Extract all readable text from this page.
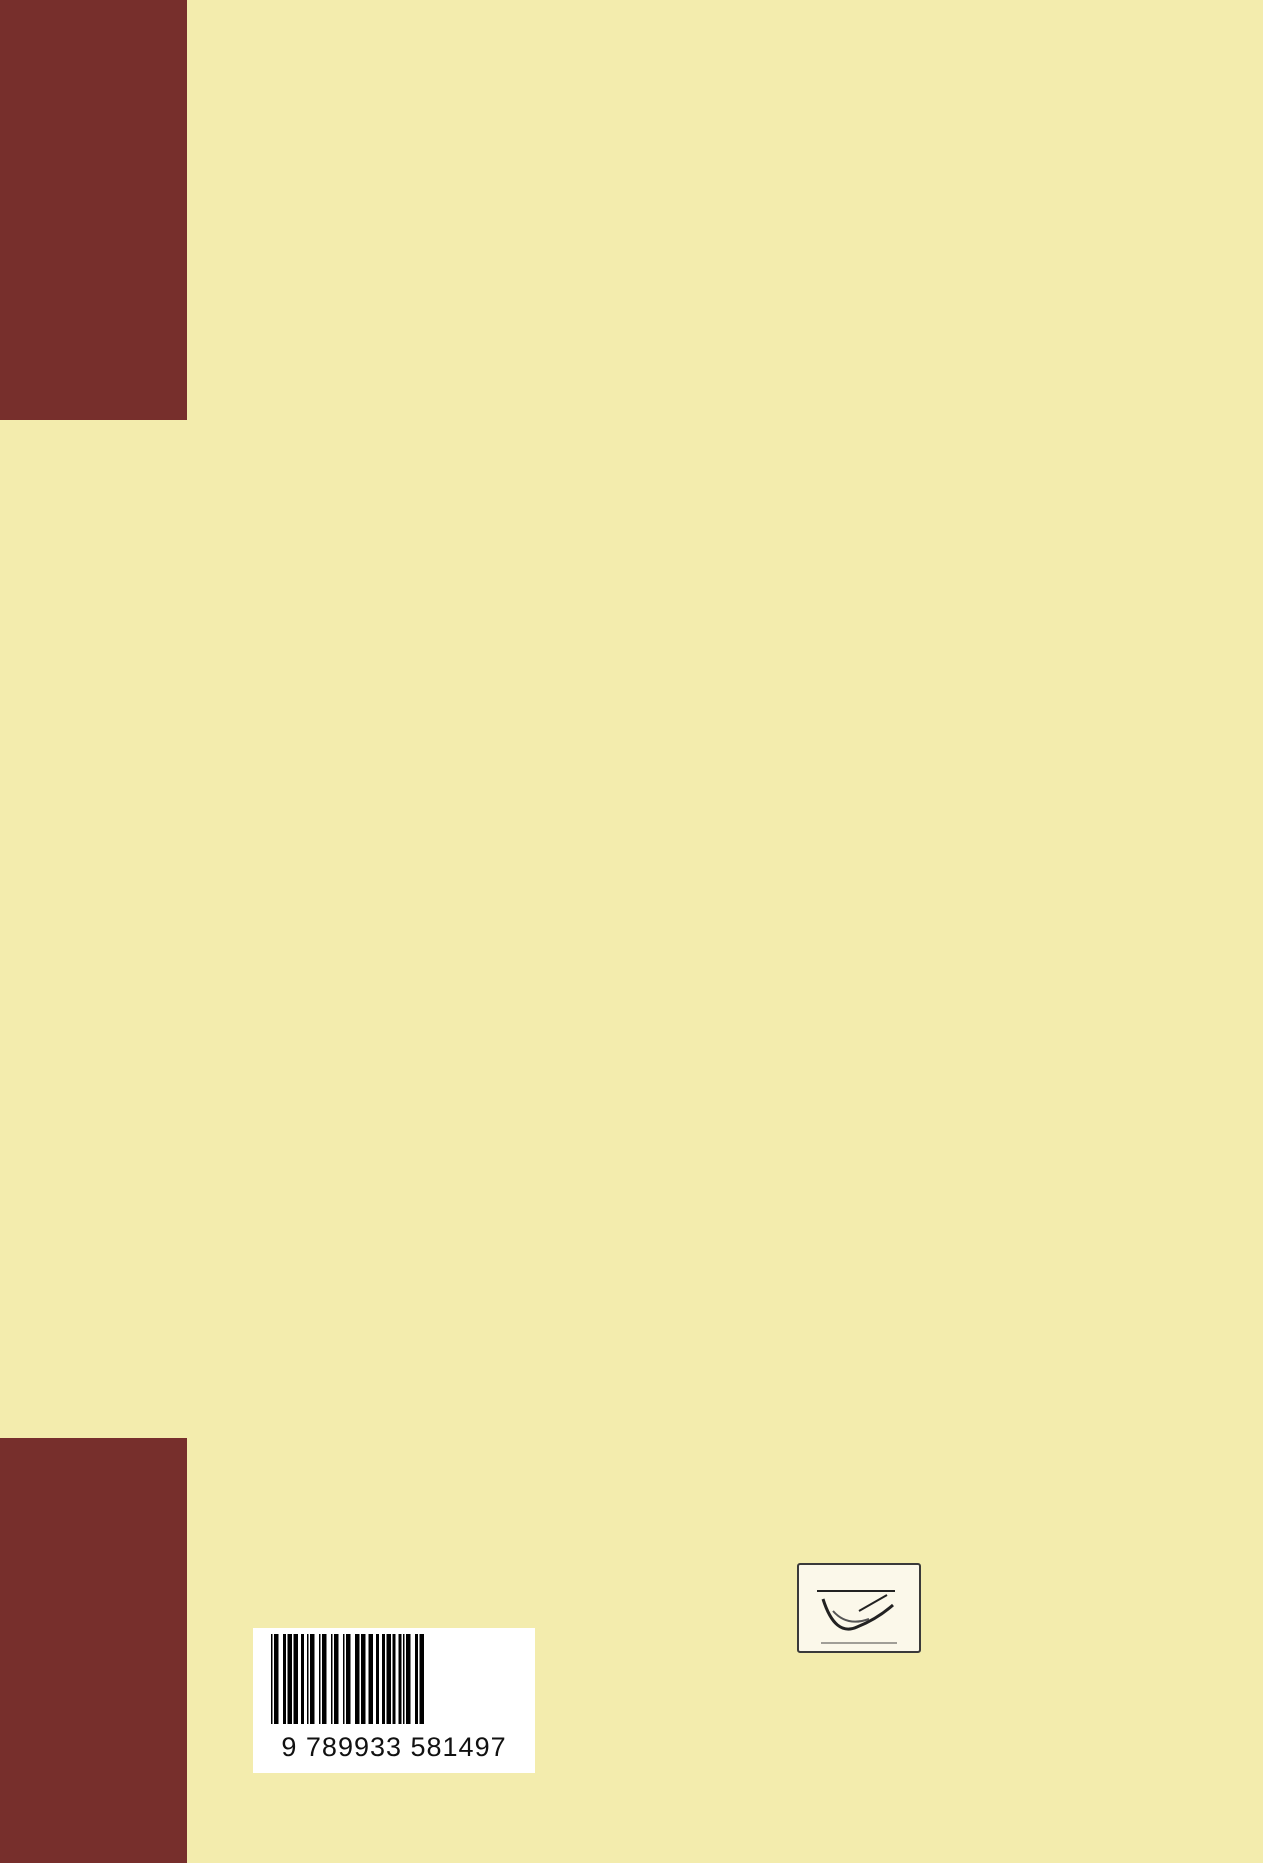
9 789933 581497
